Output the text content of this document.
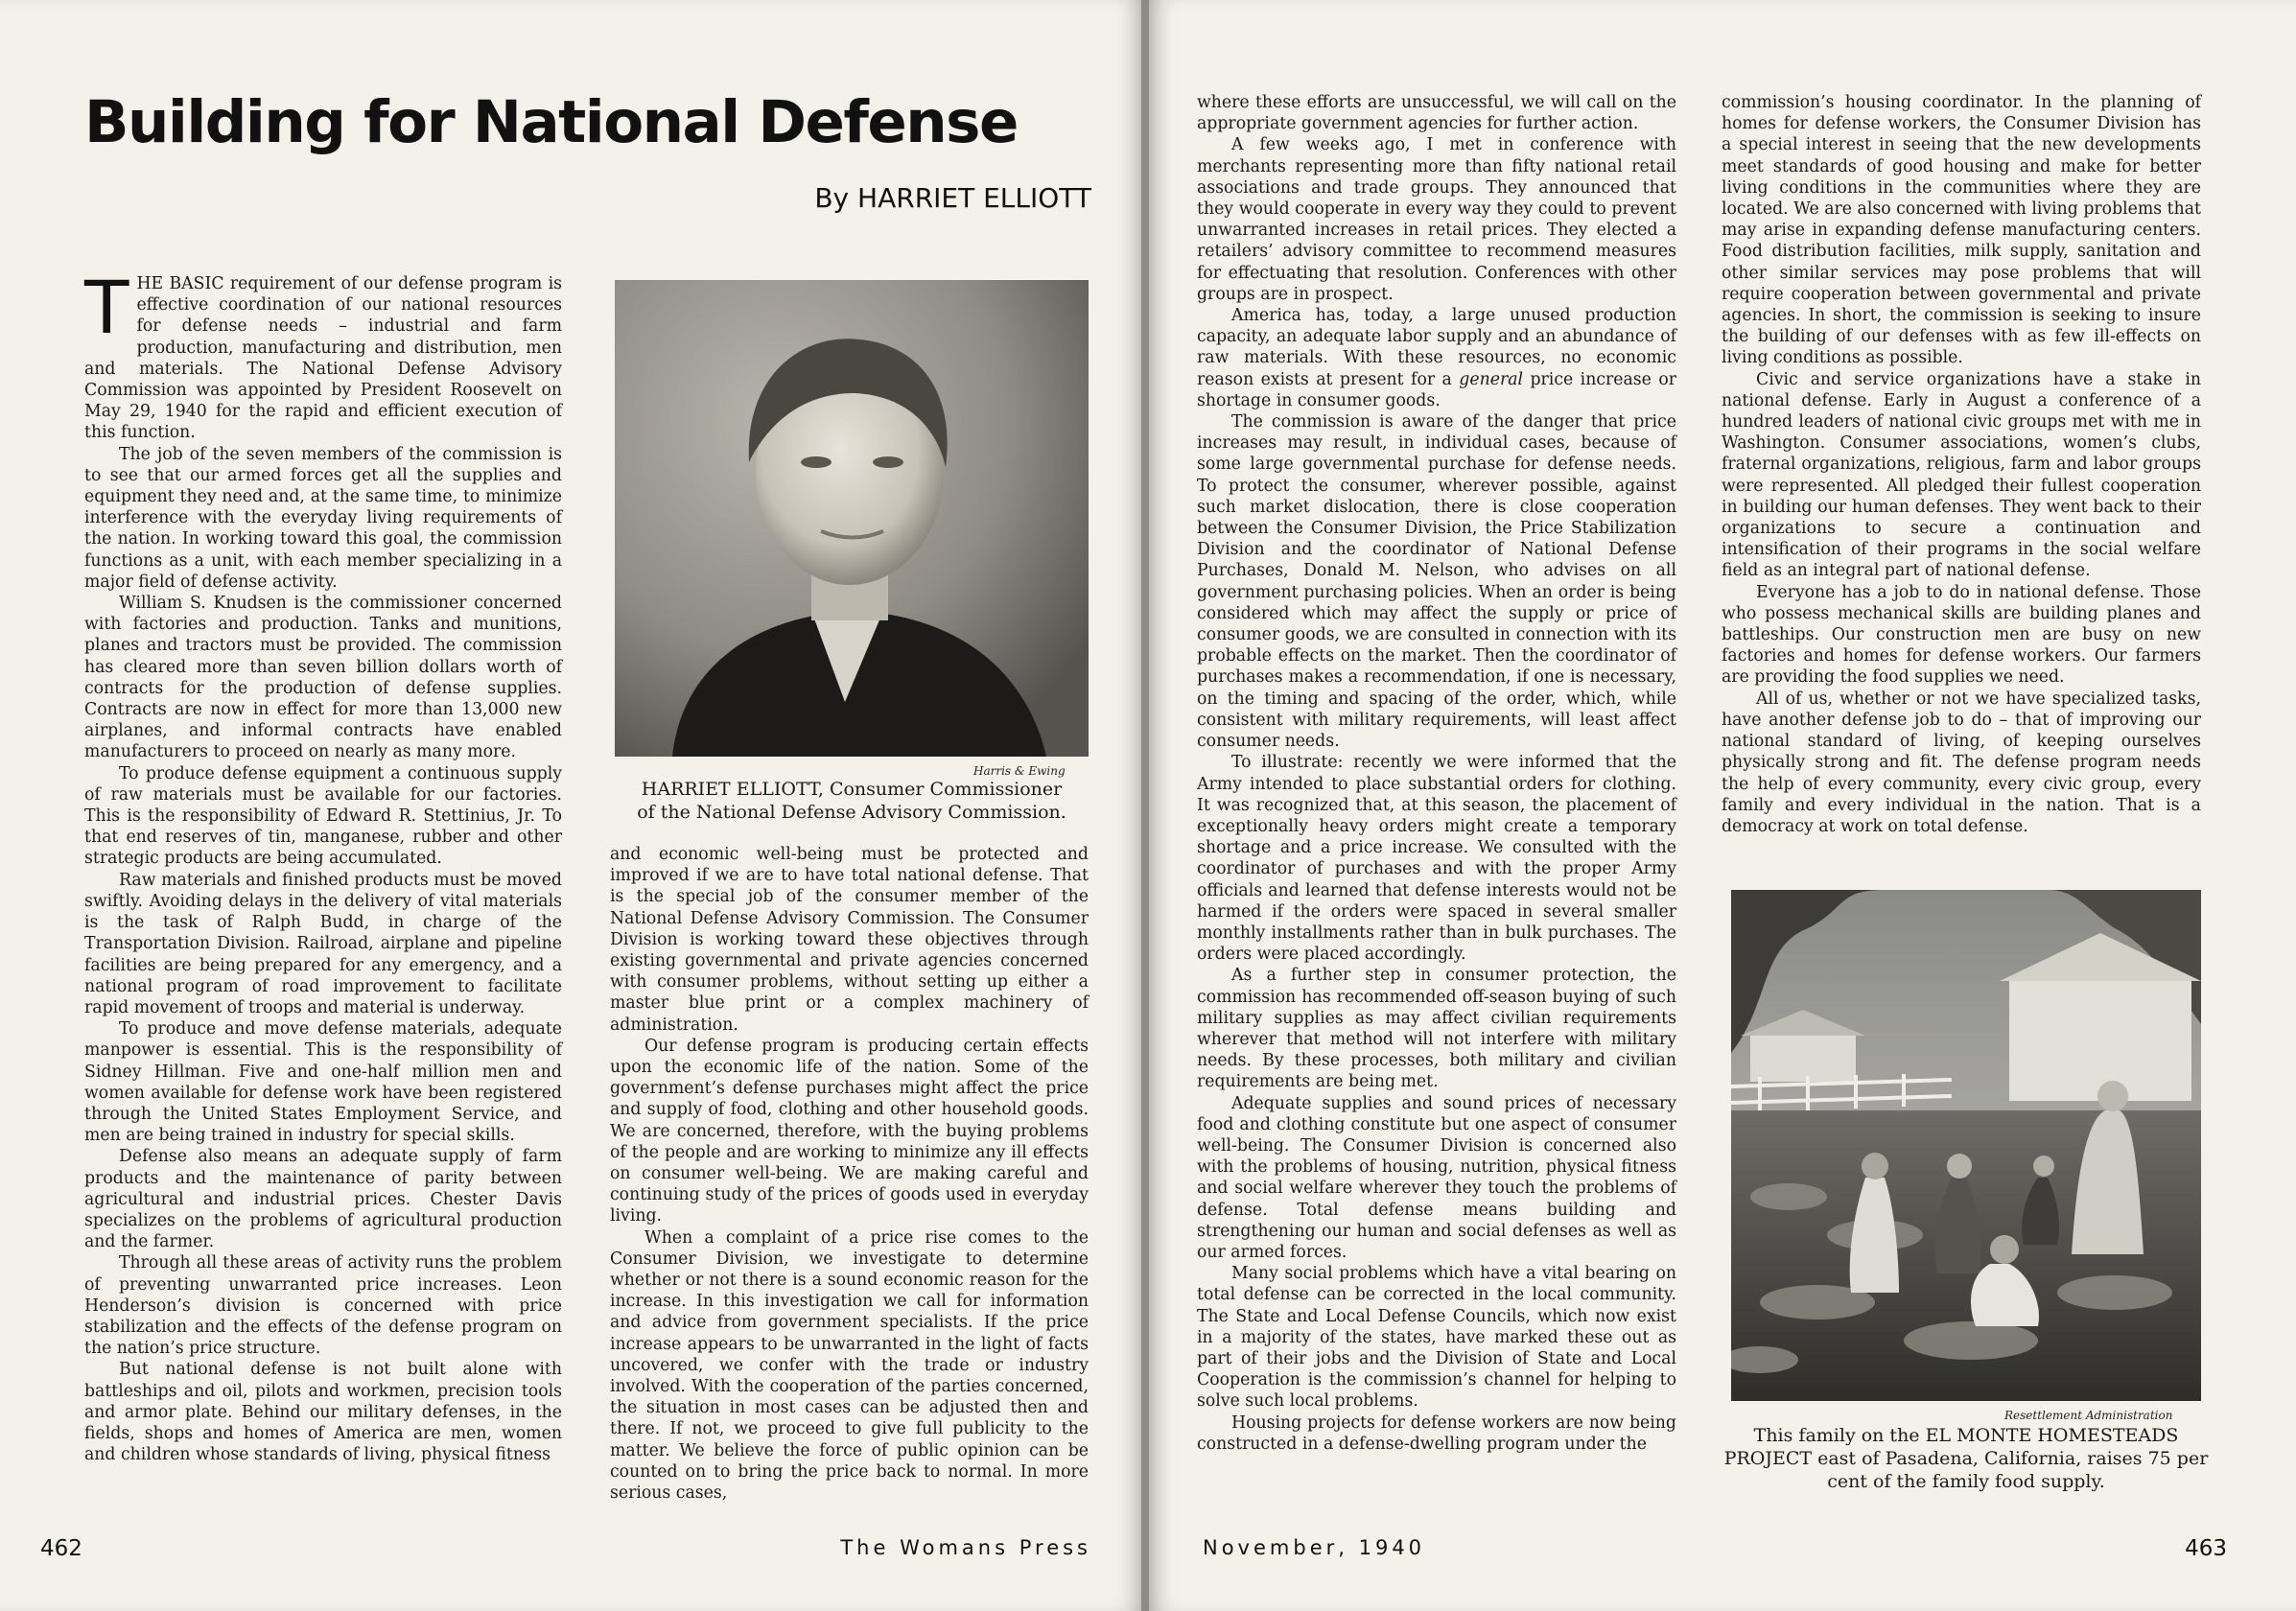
Building for National Defense
By HARRIET ELLIOTT

THE BASIC requirement of our defense program is effective coordination of our national resources for defense needs – industrial and farm production, manufacturing and distribution, men and materials. The National Defense Advisory Commission was appointed by President Roosevelt on May 29, 1940 for the rapid and efficient execution of this function.

The job of the seven members of the commission is to see that our armed forces get all the supplies and equipment they need and, at the same time, to minimize interference with the everyday living requirements of the nation. In working toward this goal, the commission functions as a unit, with each member specializing in a major field of defense activity.

William S. Knudsen is the commissioner concerned with factories and production. Tanks and munitions, planes and tractors must be provided. The commission has cleared more than seven billion dollars worth of contracts for the production of defense supplies. Contracts are now in effect for more than 13,000 new airplanes, and informal contracts have enabled manufacturers to proceed on nearly as many more.

To produce defense equipment a continuous supply of raw materials must be available for our factories. This is the responsibility of Edward R. Stettinius, Jr. To that end reserves of tin, manganese, rubber and other strategic products are being accumulated.

Raw materials and finished products must be moved swiftly. Avoiding delays in the delivery of vital materials is the task of Ralph Budd, in charge of the Transportation Division. Railroad, airplane and pipeline facilities are being prepared for any emergency, and a national program of road improvement to facilitate rapid movement of troops and material is underway.

To produce and move defense materials, adequate manpower is essential. This is the responsibility of Sidney Hillman. Five and one-half million men and women available for defense work have been registered through the United States Employment Service, and men are being trained in industry for special skills.

Defense also means an adequate supply of farm products and the maintenance of parity between agricultural and industrial prices. Chester Davis specializes on the problems of agricultural production and the farmer.

Through all these areas of activity runs the problem of preventing unwarranted price increases. Leon Henderson’s division is concerned with price stabilization and the effects of the defense program on the nation’s price structure.

But national defense is not built alone with battleships and oil, pilots and workmen, precision tools and armor plate. Behind our military defenses, in the fields, shops and homes of America are men, women and children whose standards of living, physical fitness

Harris & Ewing
HARRIET ELLIOTT, Consumer Commissioner
of the National Defense Advisory Commission.

and economic well-being must be protected and improved if we are to have total national defense. That is the special job of the consumer member of the National Defense Advisory Commission. The Consumer Division is working toward these objectives through existing governmental and private agencies concerned with consumer problems, without setting up either a master blue print or a complex machinery of administration.

Our defense program is producing certain effects upon the economic life of the nation. Some of the government’s defense purchases might affect the price and supply of food, clothing and other household goods. We are concerned, therefore, with the buying problems of the people and are working to minimize any ill effects on consumer well-being. We are making careful and continuing study of the prices of goods used in everyday living.

When a complaint of a price rise comes to the Consumer Division, we investigate to determine whether or not there is a sound economic reason for the increase. In this investigation we call for information and advice from government specialists. If the price increase appears to be unwarranted in the light of facts uncovered, we confer with the trade or industry involved. With the cooperation of the parties concerned, the situation in most cases can be adjusted then and there. If not, we proceed to give full publicity to the matter. We believe the force of public opinion can be counted on to bring the price back to normal. In more serious cases,

462	The Womans Press

where these efforts are unsuccessful, we will call on the appropriate government agencies for further action.

A few weeks ago, I met in conference with merchants representing more than fifty national retail associations and trade groups. They announced that they would cooperate in every way they could to prevent unwarranted increases in retail prices. They elected a retailers’ advisory committee to recommend measures for effectuating that resolution. Conferences with other groups are in prospect.

America has, today, a large unused production capacity, an adequate labor supply and an abundance of raw materials. With these resources, no economic reason exists at present for a general price increase or shortage in consumer goods.

The commission is aware of the danger that price increases may result, in individual cases, because of some large governmental purchase for defense needs. To protect the consumer, wherever possible, against such market dislocation, there is close cooperation between the Consumer Division, the Price Stabilization Division and the coordinator of National Defense Purchases, Donald M. Nelson, who advises on all government purchasing policies. When an order is being considered which may affect the supply or price of consumer goods, we are consulted in connection with its probable effects on the market. Then the coordinator of purchases makes a recommendation, if one is necessary, on the timing and spacing of the order, which, while consistent with military requirements, will least affect consumer needs.

To illustrate: recently we were informed that the Army intended to place substantial orders for clothing. It was recognized that, at this season, the placement of exceptionally heavy orders might create a temporary shortage and a price increase. We consulted with the coordinator of purchases and with the proper Army officials and learned that defense interests would not be harmed if the orders were spaced in several smaller monthly installments rather than in bulk purchases. The orders were placed accordingly.

As a further step in consumer protection, the commission has recommended off-season buying of such military supplies as may affect civilian requirements wherever that method will not interfere with military needs. By these processes, both military and civilian requirements are being met.

Adequate supplies and sound prices of necessary food and clothing constitute but one aspect of consumer well-being. The Consumer Division is concerned also with the problems of housing, nutrition, physical fitness and social welfare wherever they touch the problems of defense. Total defense means building and strengthening our human and social defenses as well as our armed forces.

Many social problems which have a vital bearing on total defense can be corrected in the local community. The State and Local Defense Councils, which now exist in a majority of the states, have marked these out as part of their jobs and the Division of State and Local Cooperation is the commission’s channel for helping to solve such local problems.

Housing projects for defense workers are now being constructed in a defense-dwelling program under the

commission’s housing coordinator. In the planning of homes for defense workers, the Consumer Division has a special interest in seeing that the new developments meet standards of good housing and make for better living conditions in the communities where they are located. We are also concerned with living problems that may arise in expanding defense manufacturing centers. Food distribution facilities, milk supply, sanitation and other similar services may pose problems that will require cooperation between governmental and private agencies. In short, the commission is seeking to insure the building of our defenses with as few ill-effects on living conditions as possible.

Civic and service organizations have a stake in national defense. Early in August a conference of a hundred leaders of national civic groups met with me in Washington. Consumer associations, women’s clubs, fraternal organizations, religious, farm and labor groups were represented. All pledged their fullest cooperation in building our human defenses. They went back to their organizations to secure a continuation and intensification of their programs in the social welfare field as an integral part of national defense.

Everyone has a job to do in national defense. Those who possess mechanical skills are building planes and battleships. Our construction men are busy on new factories and homes for defense workers. Our farmers are providing the food supplies we need.

All of us, whether or not we have specialized tasks, have another defense job to do – that of improving our national standard of living, of keeping ourselves physically strong and fit. The defense program needs the help of every community, every civic group, every family and every individual in the nation. That is a democracy at work on total defense.

Resettlement Administration
This family on the EL MONTE HOMESTEADS
PROJECT east of Pasadena, California, raises 75 per
cent of the family food supply.
November, 1940	463
